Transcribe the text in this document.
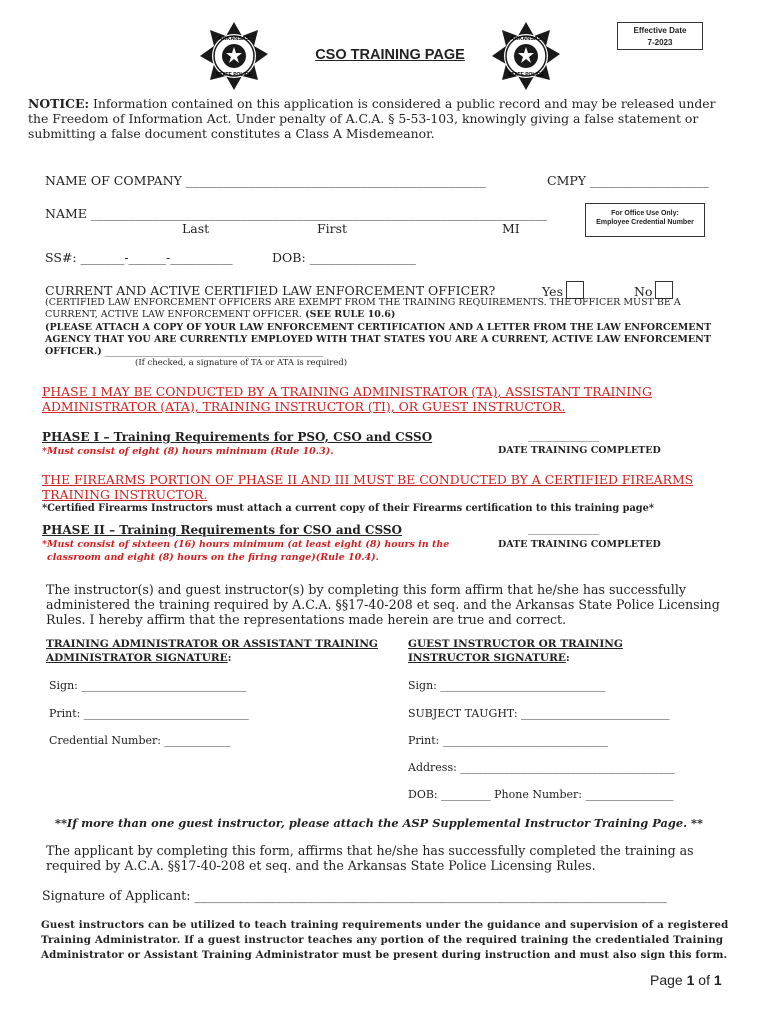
ARKANSAS
STATE POLICE
ARKANSAS
STATE POLICE
Effective Date
7-2023
CSO TRAINING PAGE
NOTICE: Information contained on this application is considered a public record and may be released under the Freedom of Information Act. Under penalty of A.C.A. § 5-53-103, knowingly giving a false statement or submitting a false document constitutes a Class A Misdemeanor.
NAME OF COMPANY ________________________________________________	CMPY ___________________
NAME _________________________________________________________________________
Last	First	MI
For Office Use Only:
Employee Credential Number
SS#: _______-______-__________	DOB: _________________
CURRENT AND ACTIVE CERTIFIED LAW ENFORCEMENT OFFICER?	Yes	No
(CERTIFIED LAW ENFORCEMENT OFFICERS ARE EXEMPT FROM THE TRAINING REQUIREMENTS. THE OFFICER MUST BE A
CURRENT, ACTIVE LAW ENFORCEMENT OFFICER. (SEE RULE 10.6)
(PLEASE ATTACH A COPY OF YOUR LAW ENFORCEMENT CERTIFICATION AND A LETTER FROM THE LAW ENFORCEMENT
AGENCY THAT YOU ARE CURRENTLY EMPLOYED WITH THAT STATES YOU ARE A CURRENT, ACTIVE LAW ENFORCEMENT
OFFICER.) ______________________________________________
(If checked, a signature of TA or ATA is required)
PHASE I MAY BE CONDUCTED BY A TRAINING ADMINISTRATOR (TA), ASSISTANT TRAINING
ADMINISTRATOR (ATA), TRAINING INSTRUCTOR (TI), OR GUEST INSTRUCTOR.
PHASE I – Training Requirements for PSO, CSO and CSSO
*Must consist of eight (8) hours minimum (Rule 10.3).
_______________
DATE TRAINING COMPLETED
THE FIREARMS PORTION OF PHASE II AND III MUST BE CONDUCTED BY A CERTIFIED FIREARMS
TRAINING INSTRUCTOR.
*Certified Firearms Instructors must attach a current copy of their Firearms certification to this training page*
PHASE II – Training Requirements for CSO and CSSO
*Must consist of sixteen (16) hours minimum (at least eight (8) hours in the
classroom and eight (8) hours on the firing range)(Rule 10.4).
_______________
DATE TRAINING COMPLETED
The instructor(s) and guest instructor(s) by completing this form affirm that he/she has successfully administered the training required by A.C.A. §§17-40-208 et seq. and the Arkansas State Police Licensing Rules. I hereby affirm that the representations made herein are true and correct.
TRAINING ADMINISTRATOR OR ASSISTANT TRAINING
ADMINISTRATOR SIGNATURE:
GUEST INSTRUCTOR OR TRAINING
INSTRUCTOR SIGNATURE:
Sign: ______________________________
Print: ______________________________
Credential Number: ____________
Sign: ______________________________
SUBJECT TAUGHT: ___________________________
Print: ______________________________
Address: _______________________________________
DOB: _________ Phone Number: ________________
**If more than one guest instructor, please attach the ASP Supplemental Instructor Training Page. **
The applicant by completing this form, affirms that he/she has successfully completed the training as required by A.C.A. §§17-40-208 et seq. and the Arkansas State Police Licensing Rules.
Signature of Applicant: ___________________________________________________________________________
Guest instructors can be utilized to teach training requirements under the guidance and supervision of a registered Training Administrator. If a guest instructor teaches any portion of the required training the credentialed Training Administrator or Assistant Training Administrator must be present during instruction and must also sign this form.
Page 1 of 1
